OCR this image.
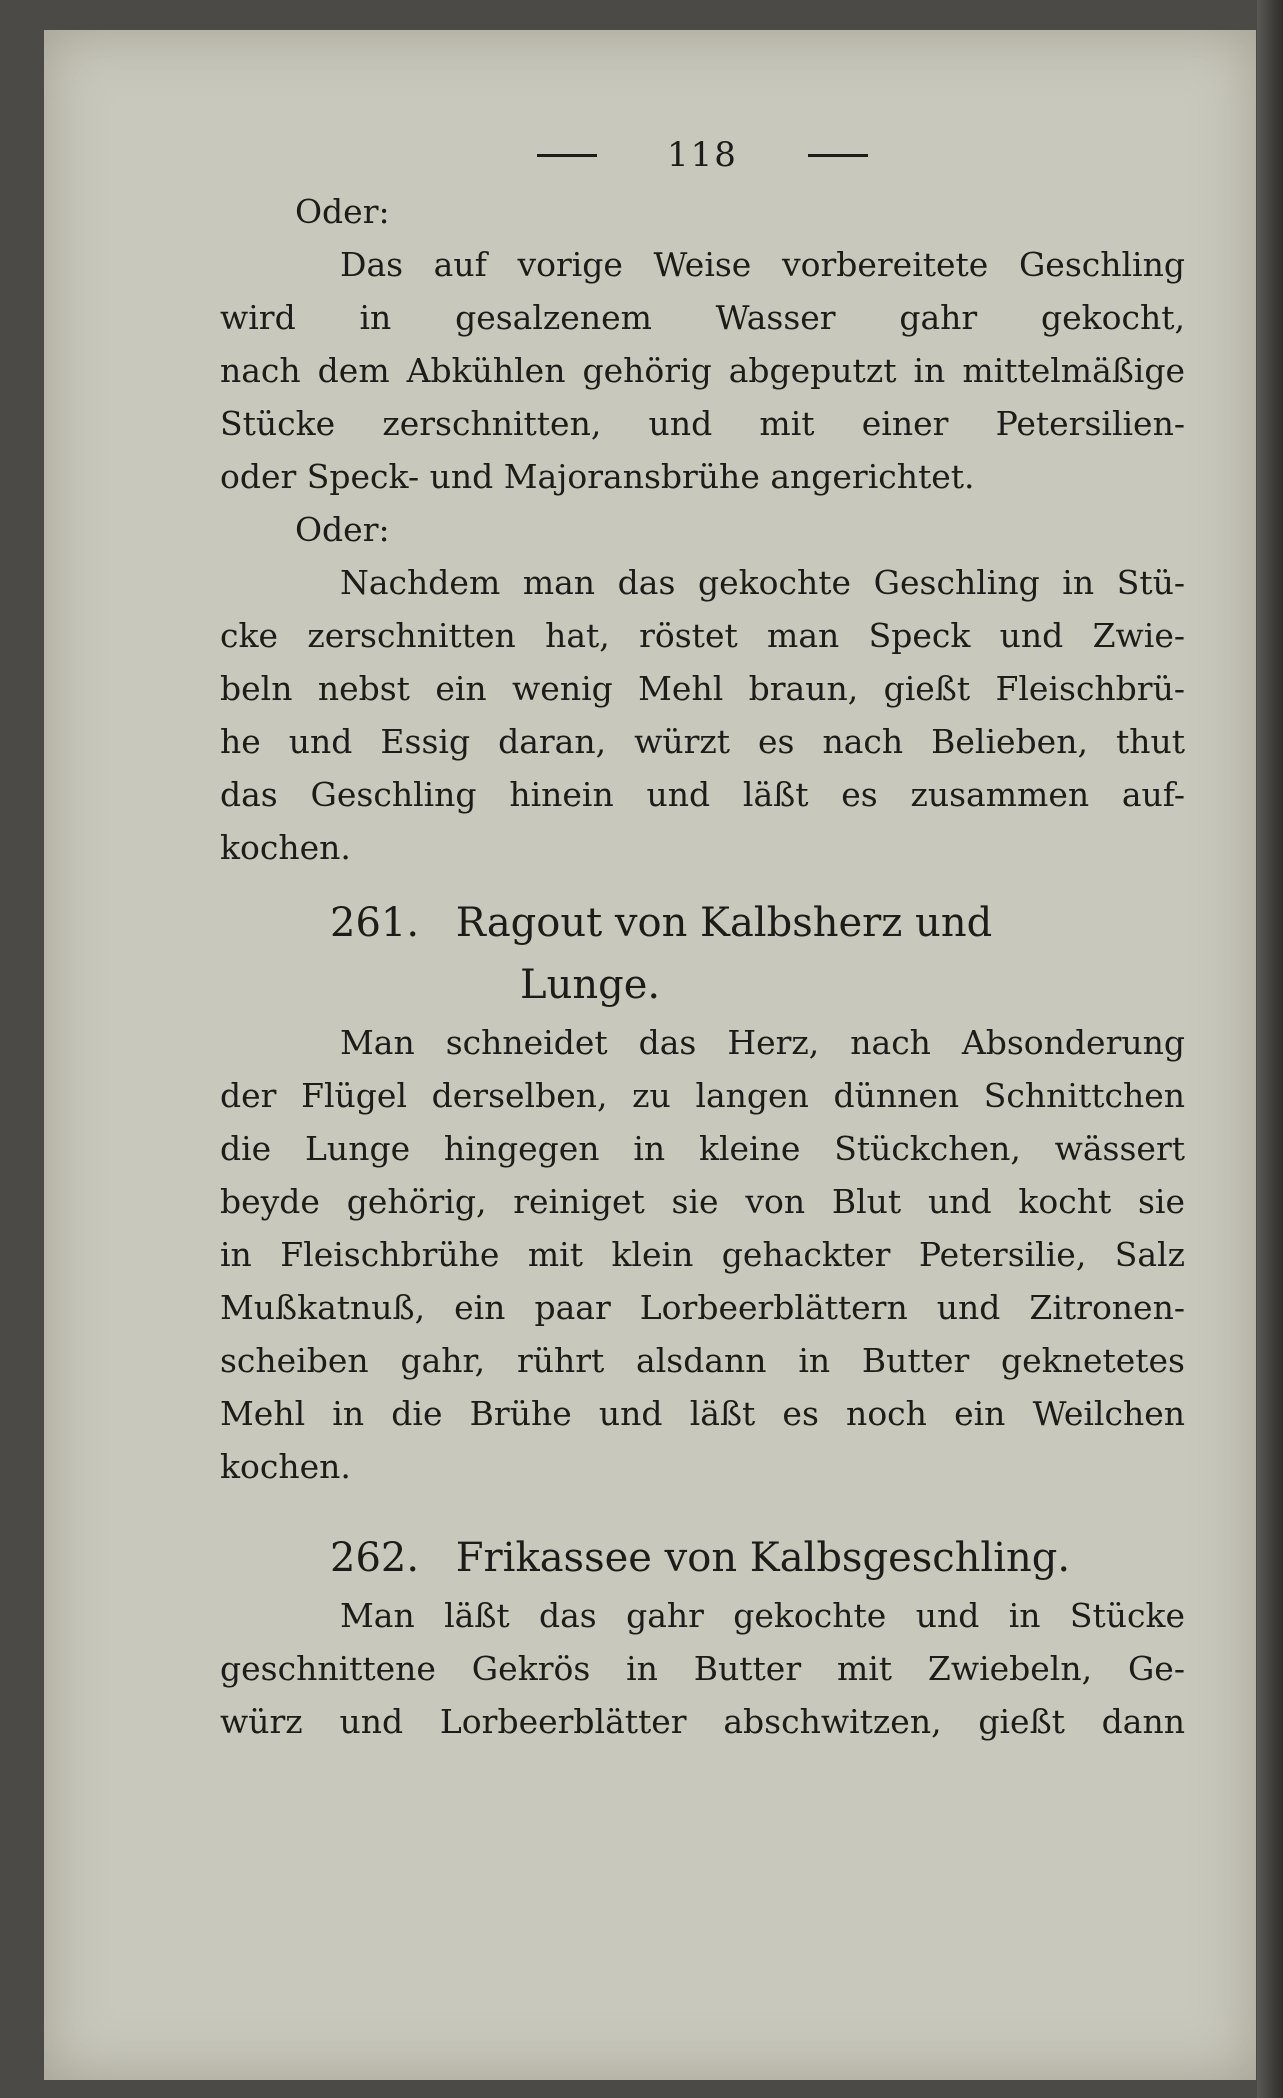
118
Oder:
Das auf vorige Weise vorbereitete Geschling
wird in gesalzenem Wasser gahr gekocht,
nach dem Abkühlen gehörig abgeputzt in mittelmäßige
Stücke zerschnitten, und mit einer Petersilien-
oder Speck- und Majoransbrühe angerichtet.
Oder:
Nachdem man das gekochte Geschling in Stü-
cke zerschnitten hat, röstet man Speck und Zwie-
beln nebst ein wenig Mehl braun, gießt Fleischbrü-
he und Essig daran, würzt es nach Belieben, thut
das Geschling hinein und läßt es zusammen auf-
kochen.
261. Ragout von Kalbsherz und
Lunge.
Man schneidet das Herz, nach Absonderung
der Flügel derselben, zu langen dünnen Schnittchen
die Lunge hingegen in kleine Stückchen, wässert
beyde gehörig, reiniget sie von Blut und kocht sie
in Fleischbrühe mit klein gehackter Petersilie, Salz
Mußkatnuß, ein paar Lorbeerblättern und Zitronen-
scheiben gahr, rührt alsdann in Butter geknetetes
Mehl in die Brühe und läßt es noch ein Weilchen
kochen.
262. Frikassee von Kalbsgeschling.
Man läßt das gahr gekochte und in Stücke
geschnittene Gekrös in Butter mit Zwiebeln, Ge-
würz und Lorbeerblätter abschwitzen, gießt dann
